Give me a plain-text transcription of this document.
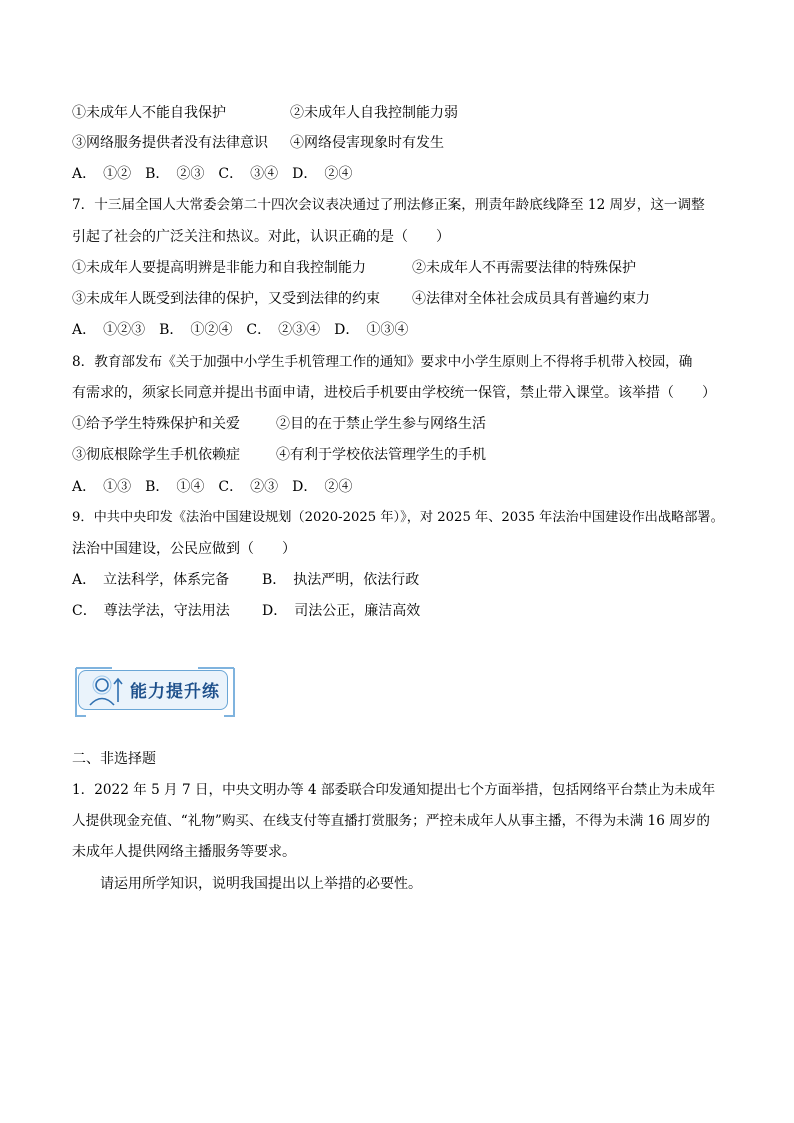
①未成年人不能自我保护	②未成年人自我控制能力弱
③网络服务提供者没有法律意识 ④网络侵害现象时有发生
A．　①②　B．　②③　C．　③④　D．　②④
7．十三届全国人大常委会第二十四次会议表决通过了刑法修正案，刑责年龄底线降至 12 周岁，这一调整
引起了社会的广泛关注和热议。对此，认识正确的是（　　）
①未成年人要提高明辨是非能力和自我控制能力	②未成年人不再需要法律的特殊保护
③未成年人既受到法律的保护，又受到法律的约束 ④法律对全体社会成员具有普遍约束力
A．　①②③　B．　①②④　C．　②③④　D．　①③④
8．教育部发布《关于加强中小学生手机管理工作的通知》要求中小学生原则上不得将手机带入校园，确
有需求的，须家长同意并提出书面申请，进校后手机要由学校统一保管，禁止带入课堂。该举措（　　）
①给予学生特殊保护和关爱	②目的在于禁止学生参与网络生活
③彻底根除学生手机依赖症	④有利于学校依法管理学生的手机
A．　①③　B．　①④　C．　②③　D．　②④
9．中共中央印发《法治中国建设规划（2020-2025 年）》，对 2025 年、2035 年法治中国建设作出战略部署。
法治中国建设，公民应做到（　　）
A．　立法科学，体系完备 B．　执法严明，依法行政
C．　尊法学法，守法用法 D．　司法公正，廉洁高效
能力提升练
二、非选择题
1．2022 年 5 月 7 日，中央文明办等 4 部委联合印发通知提出七个方面举措，包括网络平台禁止为未成年
人提供现金充值、“礼物”购买、在线支付等直播打赏服务；严控未成年人从事主播，不得为未满 16 周岁的
未成年人提供网络主播服务等要求。
请运用所学知识，说明我国提出以上举措的必要性。
